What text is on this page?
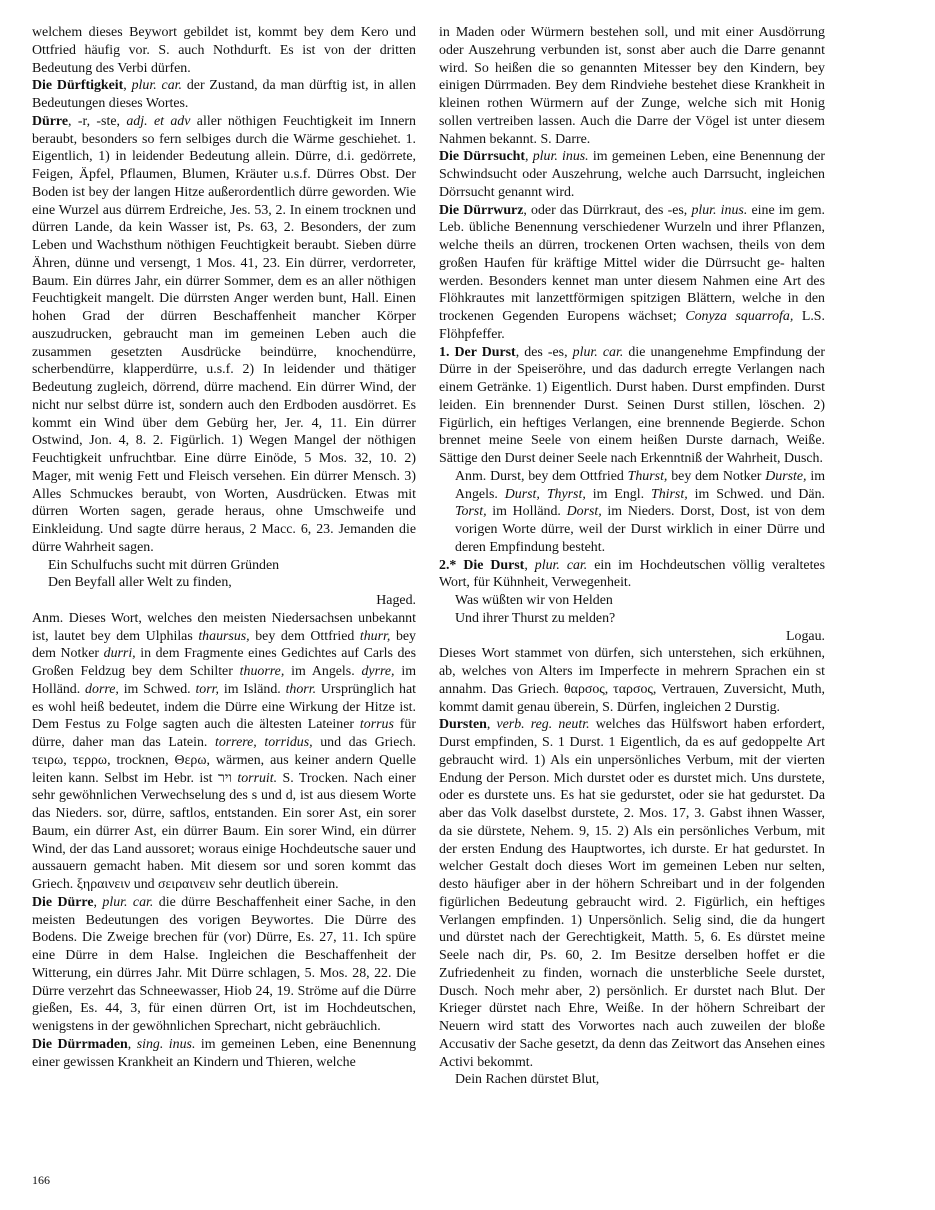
welchem dieses Beywort gebildet ist, kommt bey dem Kero und Ottfried häufig vor. S. auch Nothdurft. Es ist von der dritten Bedeutung des Verbi dürfen.

Die Dürftigkeit, plur. car. der Zustand, da man dürftig ist, in allen Bedeutungen dieses Wortes.

Dürre, -r, -ste, adj. et adv aller nöthigen Feuchtigkeit im Innern beraubt, besonders so fern selbiges durch die Wärme geschiehet. 1. Eigentlich, 1) in leidender Bedeutung allein. Dürre, d.i. gedörrete, Feigen, Äpfel, Pflaumen, Blumen, Kräuter u.s.f. Dürres Obst. Der Boden ist bey der langen Hitze außerordentlich dürre geworden. Wie eine Wurzel aus dürrem Erdreiche, Jes. 53, 2. In einem trocknen und dürren Lande, da kein Wasser ist, Ps. 63, 2. Besonders, der zum Leben und Wachsthum nöthigen Feuchtigkeit beraubt. Sieben dürre Ähren, dünne und versengt, 1 Mos. 41, 23. Ein dürrer, verdorreter, Baum. Ein dürres Jahr, ein dürrer Sommer, dem es an aller nöthigen Feuchtigkeit mangelt. Die dürrsten Anger werden bunt, Hall. Einen hohen Grad der dürren Beschaffenheit mancher Körper auszudrucken, gebraucht man im gemeinen Leben auch die zusammen gesetzten Ausdrücke beindürre, knochendürre, scherbendürre, klapperdürre, u.s.f. 2) In leidender und thätiger Bedeutung zugleich, dörrend, dürre machend. Ein dürrer Wind, der nicht nur selbst dürre ist, sondern auch den Erdboden ausdörret. Es kommt ein Wind über dem Gebürg her, Jer. 4, 11. Ein dürrer Ostwind, Jon. 4, 8. 2. Figürlich. 1) Wegen Mangel der nöthigen Feuchtigkeit unfruchtbar. Eine dürre Einöde, 5 Mos. 32, 10. 2) Mager, mit wenig Fett und Fleisch versehen. Ein dürrer Mensch. 3) Alles Schmuckes beraubt, von Worten, Ausdrücken. Etwas mit dürren Worten sagen, gerade heraus, ohne Umschweife und Einkleidung. Und sagte dürre heraus, 2 Macc. 6, 23. Jemanden die dürre Wahrheit sagen.

Ein Schulfuchs sucht mit dürren Gründen

Den Beyfall aller Welt zu finden,

Haged.

Anm. Dieses Wort, welches den meisten Niedersachsen unbekannt ist, lautet bey dem Ulphilas thaursus, bey dem Ottfried thurr, bey dem Notker durri, in dem Fragmente eines Gedichtes auf Carls des Großen Feldzug bey dem Schilter thuorre, im Angels. dyrre, im Holländ. dorre, im Schwed. torr, im Isländ. thorr. Ursprünglich hat es wohl heiß bedeutet, indem die Dürre eine Wirkung der Hitze ist. Dem Festus zu Folge sagten auch die ältesten Lateiner torrus für dürre, daher man das Latein. torrere, torridus, und das Griech. τειρω, τερρω, trocknen, Θερω, wärmen, aus keiner andern Quelle leiten kann. Selbst im Hebr. ist ויר torruit. S. Trocken. Nach einer sehr gewöhnlichen Verwechselung des s und d, ist aus diesem Worte das Nieders. sor, dürre, saftlos, entstanden. Ein sorer Ast, ein sorer Baum, ein dürrer Ast, ein dürrer Baum. Ein sorer Wind, ein dürrer Wind, der das Land aussoret; woraus einige Hochdeutsche sauer und aussauern gemacht haben. Mit diesem sor und soren kommt das Griech. ξηραινειν und σειραινειν sehr deutlich überein.

Die Dürre, plur. car. die dürre Beschaffenheit einer Sache, in den meisten Bedeutungen des vorigen Beywortes. Die Dürre des Bodens. Die Zweige brechen für (vor) Dürre, Es. 27, 11. Ich spüre eine Dürre in dem Halse. Ingleichen die Beschaffenheit der Witterung, ein dürres Jahr. Mit Dürre schlagen, 5. Mos. 28, 22. Die Dürre verzehrt das Schneewasser, Hiob 24, 19. Ströme auf die Dürre gießen, Es. 44, 3, für einen dürren Ort, ist im Hochdeutschen, wenigstens in der gewöhnlichen Sprechart, nicht gebräuchlich.

Die Dürrmaden, sing. inus. im gemeinen Leben, eine Benennung einer gewissen Krankheit an Kindern und Thieren, welche

in Maden oder Würmern bestehen soll, und mit einer Ausdörrung oder Auszehrung verbunden ist, sonst aber auch die Darre genannt wird. So heißen die so genannten Mitesser bey den Kindern, bey einigen Dürrmaden. Bey dem Rindviehe bestehet diese Krankheit in kleinen rothen Würmern auf der Zunge, welche sich mit Honig sollen vertreiben lassen. Auch die Darre der Vögel ist unter diesem Nahmen bekannt. S. Darre.

Die Dürrsucht, plur. inus. im gemeinen Leben, eine Benennung der Schwindsucht oder Auszehrung, welche auch Darrsucht, ingleichen Dörrsucht genannt wird.

Die Dürrwurz, oder das Dürrkraut, des -es, plur. inus. eine im gem. Leb. übliche Benennung verschiedener Wurzeln und ihrer Pflanzen, welche theils an dürren, trockenen Orten wachsen, theils von dem großen Haufen für kräftige Mittel wider die Dürrsucht ge- halten werden. Besonders kennet man unter diesem Nahmen eine Art des Flöhkrautes mit lanzettförmigen spitzigen Blättern, welche in den trockenen Gegenden Europens wächset; Conyza squarrofa, L.S. Flöhpfeffer.

1. Der Durst, des -es, plur. car. die unangenehme Empfindung der Dürre in der Speiseröhre, und das dadurch erregte Verlangen nach einem Getränke. 1) Eigentlich. Durst haben. Durst empfinden. Durst leiden. Ein brennender Durst. Seinen Durst stillen, löschen. 2) Figürlich, ein heftiges Verlangen, eine brennende Begierde. Schon brennet meine Seele von einem heißen Durste darnach, Weiße. Sättige den Durst deiner Seele nach Erkenntniß der Wahrheit, Dusch.

Anm. Durst, bey dem Ottfried Thurst, bey dem Notker Durste, im Angels. Durst, Thyrst, im Engl. Thirst, im Schwed. und Dän. Torst, im Holländ. Dorst, im Nieders. Dorst, Dost, ist von dem vorigen Worte dürre, weil der Durst wirklich in einer Dürre und deren Empfindung besteht.

2.* Die Durst, plur. car. ein im Hochdeutschen völlig veraltetes Wort, für Kühnheit, Verwegenheit.

Was wüßten wir von Helden

Und ihrer Thurst zu melden?

Logau.

Dieses Wort stammet von dürfen, sich unterstehen, sich erkühnen, ab, welches von Alters im Imperfecte in mehrern Sprachen ein st annahm. Das Griech. θαρσος, ταρσος, Vertrauen, Zuversicht, Muth, kommt damit genau überein, S. Dürfen, ingleichen 2 Durstig.

Dursten, verb. reg. neutr. welches das Hülfswort haben erfordert, Durst empfinden, S. 1 Durst. 1 Eigentlich, da es auf gedoppelte Art gebraucht wird. 1) Als ein unpersönliches Verbum, mit der vierten Endung der Person. Mich durstet oder es durstet mich. Uns durstete, oder es durstete uns. Es hat sie gedurstet, oder sie hat gedurstet. Da aber das Volk daselbst durstete, 2. Mos. 17, 3. Gabst ihnen Wasser, da sie dürstete, Nehem. 9, 15. 2) Als ein persönliches Verbum, mit der ersten Endung des Hauptwortes, ich durste. Er hat gedurstet. In welcher Gestalt doch dieses Wort im gemeinen Leben nur selten, desto häufiger aber in der höhern Schreibart und in der folgenden figürlichen Bedeutung gebraucht wird. 2. Figürlich, ein heftiges Verlangen empfinden. 1) Unpersönlich. Selig sind, die da hungert und dürstet nach der Gerechtigkeit, Matth. 5, 6. Es dürstet meine Seele nach dir, Ps. 60, 2. Im Besitze derselben hoffet er die Zufriedenheit zu finden, wornach die unsterbliche Seele durstet, Dusch. Noch mehr aber, 2) persönlich. Er durstet nach Blut. Der Krieger dürstet nach Ehre, Weiße. In der höhern Schreibart der Neuern wird statt des Vorwortes nach auch zuweilen der bloße Accusativ der Sache gesetzt, da denn das Zeitwort das Ansehen eines Activi bekommt.

Dein Rachen dürstet Blut,

166
